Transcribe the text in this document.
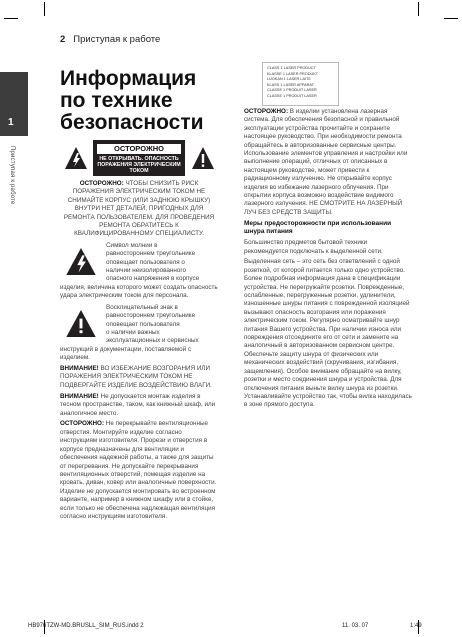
2 Приступая к работе
1
Приступая к работе
Информация по технике безопасности
ОСТОРОЖНО
НЕ ОТКРЫВАТЬ. ОПАСНОСТЬ ПОРАЖЕНИЯ ЭЛЕКТРИЧЕСКИМ ТОКОМ

ОСТОРОЖНО: ЧТОБЫ СНИЗИТЬ РИСК ПОРАЖЕНИЯ ЭЛЕКТРИЧЕСКИМ ТОКОМ НЕ СНИМАЙТЕ КОРПУС (ИЛИ ЗАДНЮЮ КРЫШКУ) ВНУТРИ НЕТ ДЕТАЛЕЙ, ПРИГОДНЫХ ДЛЯ РЕМОНТА ПОЛЬЗОВАТЕЛЕМ. ДЛЯ ПРОВЕДЕНИЯ РЕМОНТА ОБРАТИТЕСЬ К КВАЛИФИЦИРОВАННОМУ СПЕЦИАЛИСТУ.

Символ молнии в
равностороннем треугольнике
оповещает пользователя о
наличии неизолированного
опасного напряжения в корпусе

изделия, величина которого может создать опасность удара электрическим током для персонала.

Восклицательный знак в
равностороннем треугольнике
оповещает пользователя
о наличии важных
эксплуатационных и сервисных

инструкций в документации, поставляемой с изделием.

ВНИМАНИЕ! ВО ИЗБЕЖАНИЕ ВОЗГОРАНИЯ ИЛИ ПОРАЖЕНИЯ ЭЛЕКТРИЧЕСКИМ ТОКОМ НЕ ПОДВЕРГАЙТЕ ИЗДЕЛИЕ ВОЗДЕЙСТВИЮ ВЛАГИ.

ВНИМАНИЕ! Не допускается монтаж изделия в тесном пространстве, таком, как книжный шкаф, или аналогичное место.

ОСТОРОЖНО: Не перекрывайте вентиляционные отверстия. Монтируйте изделие согласно инструкциям изготовителя. Прорези и отверстия в корпусе предназначены для вентиляции и обеспечения надежной работы, а также для защиты от перегревания. Не допускайте перекрывания вентиляционных отверстий, помещая изделие на кровать, диван, ковер или аналогичные поверхности. Изделие не допускается монтировать во встроенном варианте, например в книжном шкафу или в стойке, если только не обеспечена надлежащая вентиляция согласно инструкциям изготовителя.

CLASS 1 LASER PRODUCT
KLASSE 1 LASER PRODUKT
LUOKAN 1 LASER LAITE
KLASS 1 LASER APPARAT
CLASSE 1 PRODUIT LASER
CLASSE 1 PRODUIT LASER

ОСТОРОЖНО: В изделии установлена лазерная система. Для обеспечения безопасной и правильной эксплуатации устройства прочитайте и сохраните настоящее руководство. При необходимости ремонта обращайтесь в авторизованные сервисные центры. Использование элементов управления и настройки или выполнение операций, отличных от описанных в настоящем руководстве, может привести к радиационному излучению. Не открывайте корпус изделия во избежание лазерного облучения. При открытии корпуса возможно воздействие видимого лазерного излучения. НЕ СМОТРИТЕ НА ЛАЗЕРНЫЙ ЛУЧ БЕЗ СРЕДСТВ ЗАЩИТЫ.

Меры предосторожности при использовании шнура питания

Большинство предметов бытовой техники рекомендуется подключать к выделенной сети.

Выделенная сеть – это сеть без ответвлений с одной розеткой, от которой питается только одно устройство. Более подробная информация дана в спецификации устройства. Не перегружайте розетки. Поврежденные, ослабленные, перегруженные розетки, удлинители, изношенные шнуры питания с поврежденной изоляцией вызывают опасность возгорания или поражения электрическим током. Регулярно осматривайте шнур питания Вашего устройства. При наличии износа или повреждения отсоедините его от сети и замените на аналогичный в авторизованном сервисном центре. Обеспечьте защиту шнура от физических или механических воздействий (скручивания, изгибания, защемления). Особое внимание обращайте на вилку, розетки и место соединения шнура и устройства. Для отключения питания выньте вилку шнура из розетки. Устанавливайте устройство так, чтобы вилка находилась в зоне прямого доступа.

HB976TZW-MD.BRUSLL_SIM_RUS.indd 2	11. 03. 07	1:49
